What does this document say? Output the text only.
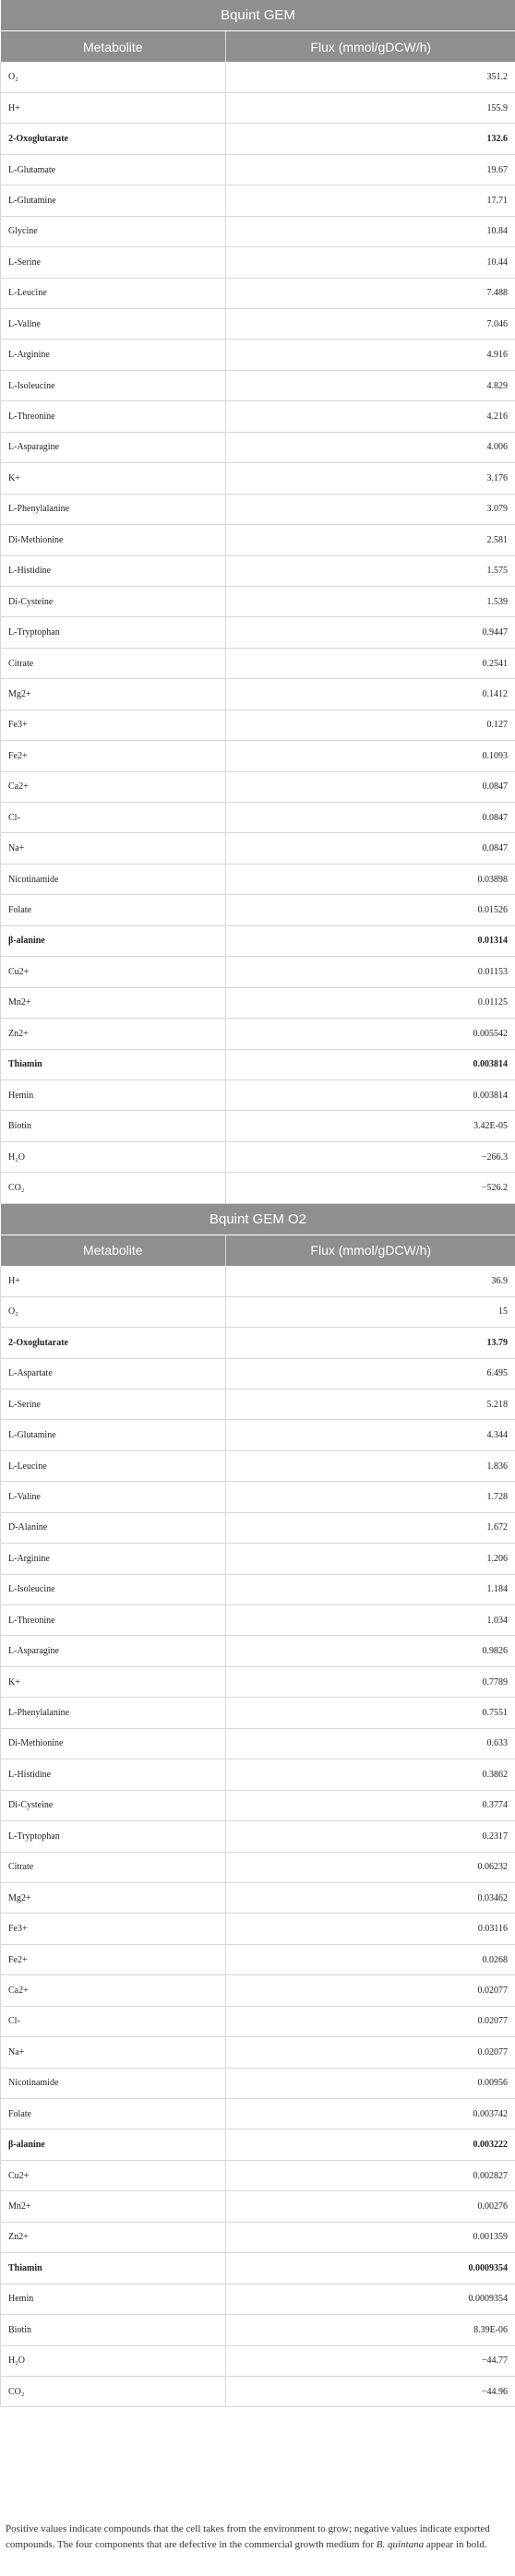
Bquint GEM	
Metabolite	Flux (mmol/gDCW/h)
O₂	351.2
H+	155.9
2-Oxoglutarate	132.6
L-Glutamate	19.67
L-Glutamine	17.71
Glycine	10.84
L-Serine	10.44
L-Leucine	7.488
L-Valine	7.046
L-Arginine	4.916
L-Isoleucine	4.829
L-Threonine	4.216
L-Asparagine	4.006
K+	3.176
L-Phenylalanine	3.079
Di-Methionine	2.581
L-Histidine	1.575
Di-Cysteine	1.539
L-Tryptophan	0.9447
Citrate	0.2541
Mg2+	0.1412
Fe3+	0.127
Fe2+	0.1093
Ca2+	0.0847
Cl-	0.0847
Na+	0.0847
Nicotinamide	0.03898
Folate	0.01526
β-alanine	0.01314
Cu2+	0.01153
Mn2+	0.01125
Zn2+	0.005542
Thiamin	0.003814
Hemin	0.003814
Biotin	3.42E-05
H₂O	−266.3
CO₂	−526.2
Bquint GEM O2	
Metabolite	Flux (mmol/gDCW/h)
H+	36.9
O₂	15
2-Oxoglutarate	13.79
L-Aspartate	6.495
L-Serine	5.218
L-Glutamine	4.344
L-Leucine	1.836
L-Valine	1.728
D-Alanine	1.672
L-Arginine	1.206
L-Isoleucine	1.184
L-Threonine	1.034
L-Asparagine	0.9826
K+	0.7789
L-Phenylalanine	0.7551
Di-Methionine	0.633
L-Histidine	0.3862
Di-Cysteine	0.3774
L-Tryptophan	0.2317
Citrate	0.06232
Mg2+	0.03462
Fe3+	0.03116
Fe2+	0.0268
Ca2+	0.02077
Cl-	0.02077
Na+	0.02077
Nicotinamide	0.00956
Folate	0.003742
β-alanine	0.003222
Cu2+	0.002827
Mn2+	0.00276
Zn2+	0.001359
Thiamin	0.0009354
Hemin	0.0009354
Biotin	8.39E-06
H₂O	−44.77
CO₂	−44.96

Positive values indicate compounds that the cell takes from the environment to grow; negative values indicate exported compounds. The four components that are defective in the commercial growth medium for B. quintana appear in bold.
